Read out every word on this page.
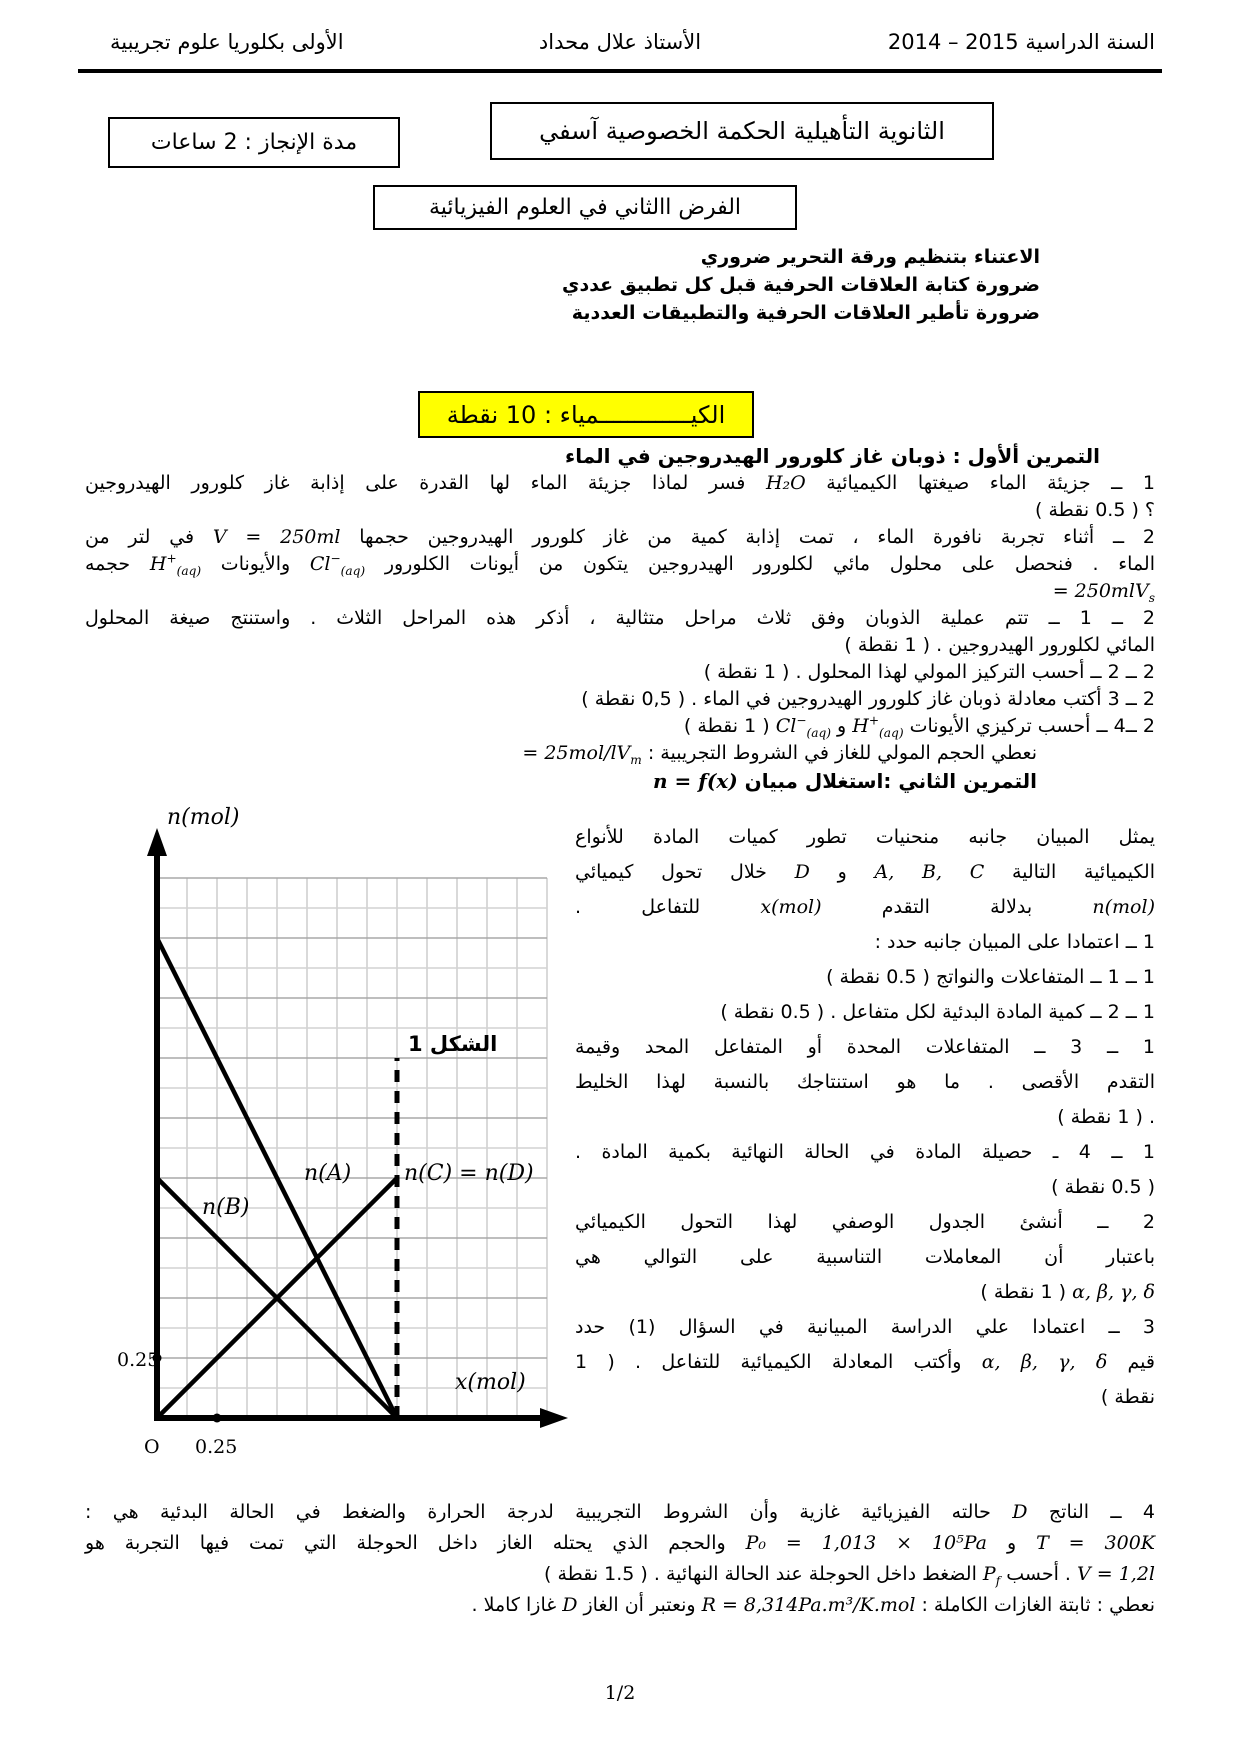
السنة الدراسية 2014 – 2015
الأستاذ علال محداد
الأولى بكلوريا علوم تجريبية
الثانوية التأهيلية الحكمة الخصوصية آسفي
مدة الإنجاز : 2 ساعات
الفرض االثاني في العلوم الفيزيائية
الاعتناء بتنظيم ورقة التحرير ضروري
ضرورة كتابة العلاقات الحرفية قبل كل تطبيق عددي
ضرورة تأطير العلاقات الحرفية والتطبيقات العددية
الكيـــــــــــــمياء : 10 نقطة
التمرين ألأول : ذوبان غاز كلورور الهيدروجين في الماء
1 ــ جزيئة الماء صيغتها الكيميائية H₂O فسر لماذا جزيئة الماء لها القدرة على إذابة غاز كلورور الهيدروجين
؟ ( 0.5 نقطة )
2 ــ أثناء تجربة نافورة الماء ، تمت إذابة كمية من غاز كلورور الهيدروجين حجمها V = 250ml في لتر من
الماء . فنحصل على محلول مائي لكلورور الهيدروجين يتكون من أيونات الكلورور $Cl^-_{(aq)}$ والأيونات $H^+_{(aq)}$ حجمه
$V_s = 250ml$
2 ــ 1 ــ تتم عملية الذوبان وفق ثلاث مراحل متثالية ، أذكر هذه المراحل الثلاث . واستنتج صيغة المحلول
المائي لكلورور الهيدروجين . ( 1 نقطة )
2 ــ 2 ــ أحسب التركيز المولي لهذا المحلول . ( 1 نقطة )
2 ــ 3 أكتب معادلة ذوبان غاز كلورور الهيدروجين في الماء . ( 0,5 نقطة )
2 ــ4 ــ أحسب تركيزي الأيونات $H^+_{(aq)}$ و $Cl^-_{(aq)}$ ( 1 نقطة )
نعطي الحجم المولي للغاز في الشروط التجريبية : $V_m = 25mol/l$
التمرين الثاني :استغلال مبيان n = f(x)
n(mol)
x(mol)
0.25
O 0.25
n(A)
n(B)
n(C) = n(D)
الشكل 1
يمثل المبيان جانبه منحنيات تطور كميات المادة للأنواع
الكيميائية التالية A, B, C و D خلال تحول كيميائي
n(mol) بدلالة التقدم x(mol) للتفاعل .
1 ــ اعتمادا على المبيان جانبه حدد :
1 ــ 1 ــ المتفاعلات والنواتج ( 0.5 نقطة )
1 ــ 2 ــ كمية المادة البدئية لكل متفاعل . ( 0.5 نقطة )
1 ــ 3 ــ المتفاعلات المحدة أو المتفاعل المحد وقيمة
التقدم الأقصى . ما هو استنتاجك بالنسبة لهذا الخليط
. ( 1 نقطة )
1 ــ 4 ـ حصيلة المادة في الحالة النهائية بكمية المادة .
( 0.5 نقطة )
2 ــ أنشئ الجدول الوصفي لهذا التحول الكيميائي
باعتبار أن المعاملات التناسبية على التوالي هي
α, β, γ, δ ( 1 نقطة )
3 ــ اعتمادا علي الدراسة المبيانية في السؤال (1) حدد
قيم α, β, γ, δ وأكتب المعادلة الكيميائية للتفاعل . ( 1
نقطة )
4 ــ الناتج D حالته الفيزيائية غازية وأن الشروط التجريبية لدرجة الحرارة والضغط في الحالة البدئية هي :
T = 300K و P₀ = 1,013 × 10⁵Pa والحجم الذي يحتله الغاز داخل الحوجلة التي تمت فيها التجربة هو
V = 1,2l . أحسب $P_f$ الضغط داخل الحوجلة عند الحالة النهائية . ( 1.5 نقطة )
نعطي : ثابتة الغازات الكاملة : R = 8,314Pa.m³/K.mol ونعتبر أن الغاز D غازا كاملا .
1/2
